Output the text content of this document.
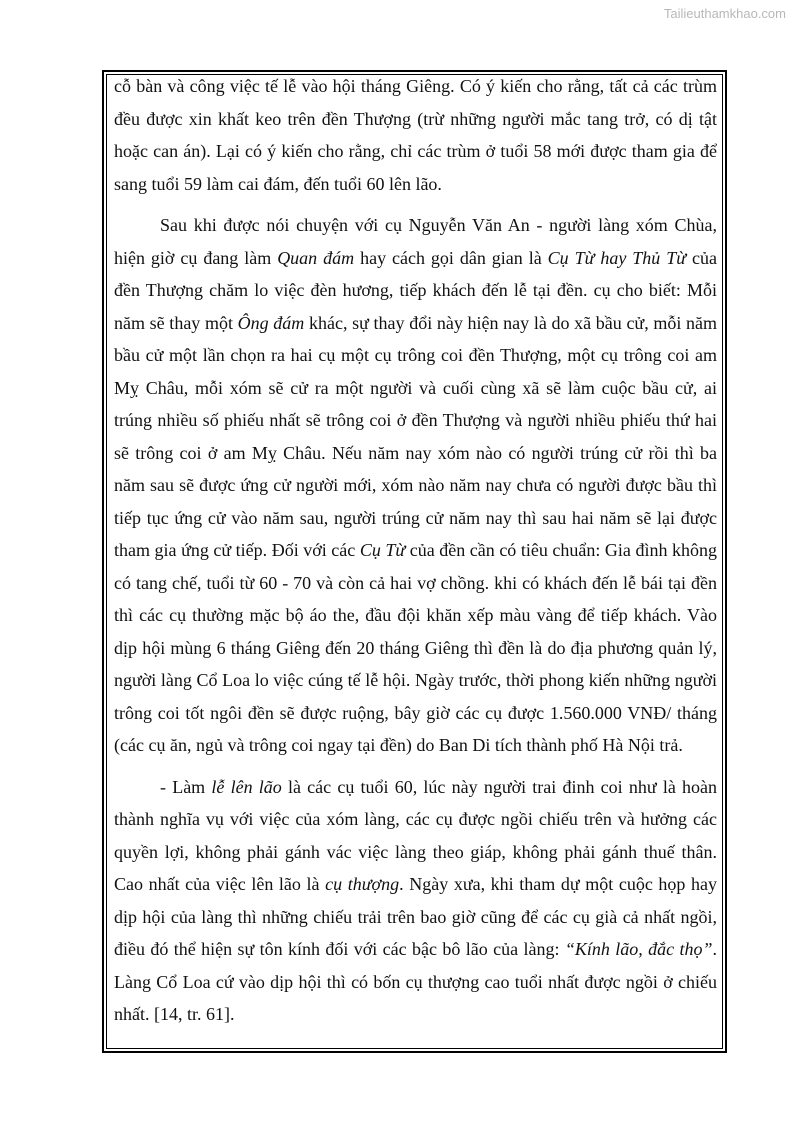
Tailieuthamkhao.com

cỗ bàn và công việc tế lễ vào hội tháng Giêng. Có ý kiến cho rằng, tất cả các trùm đều được xin khất keo trên đền Thượng (trừ những người mắc tang trở, có dị tật hoặc can án). Lại có ý kiến cho rằng, chỉ các trùm ở tuổi 58 mới được tham gia để sang tuổi 59 làm cai đám, đến tuổi 60 lên lão.

Sau khi được nói chuyện với cụ Nguyễn Văn An - người làng xóm Chùa, hiện giờ cụ đang làm Quan đám hay cách gọi dân gian là Cụ Từ hay Thủ Từ của đền Thượng chăm lo việc đèn hương, tiếp khách đến lễ tại đền. cụ cho biết: Mỗi năm sẽ thay một Ông đám khác, sự thay đổi này hiện nay là do xã bầu cử, mỗi năm bầu cử một lần chọn ra hai cụ một cụ trông coi đền Thượng, một cụ trông coi am Mỵ Châu, mỗi xóm sẽ cử ra một người và cuối cùng xã sẽ làm cuộc bầu cử, ai trúng nhiều số phiếu nhất sẽ trông coi ở đền Thượng và người nhiều phiếu thứ hai sẽ trông coi ở am Mỵ Châu. Nếu năm nay xóm nào có người trúng cử rồi thì ba năm sau sẽ được ứng cử người mới, xóm nào năm nay chưa có người được bầu thì tiếp tục ứng cử vào năm sau, người trúng cử năm nay thì sau hai năm sẽ lại được tham gia ứng cử tiếp. Đối với các Cụ Từ của đền cần có tiêu chuẩn: Gia đình không có tang chế, tuổi từ 60 - 70 và còn cả hai vợ chồng. khi có khách đến lễ bái tại đền thì các cụ thường mặc bộ áo the, đầu đội khăn xếp màu vàng để tiếp khách. Vào dịp hội mùng 6 tháng Giêng đến 20 tháng Giêng thì đền là do địa phương quản lý, người làng Cổ Loa lo việc cúng tế lễ hội. Ngày trước, thời phong kiến những người trông coi tốt ngôi đền sẽ được ruộng, bây giờ các cụ được 1.560.000 VNĐ/ tháng (các cụ ăn, ngủ và trông coi ngay tại đền) do Ban Di tích thành phố Hà Nội trả.

- Làm lễ lên lão là các cụ tuổi 60, lúc này người trai đinh coi như là hoàn thành nghĩa vụ với việc của xóm làng, các cụ được ngồi chiếu trên và hưởng các quyền lợi, không phải gánh vác việc làng theo giáp, không phải gánh thuế thân. Cao nhất của việc lên lão là cụ thượng. Ngày xưa, khi tham dự một cuộc họp hay dịp hội của làng thì những chiếu trải trên bao giờ cũng để các cụ già cả nhất ngồi, điều đó thể hiện sự tôn kính đối với các bậc bô lão của làng: “Kính lão, đắc thọ”. Làng Cổ Loa cứ vào dịp hội thì có bốn cụ thượng cao tuổi nhất được ngồi ở chiếu nhất. [14, tr. 61].
